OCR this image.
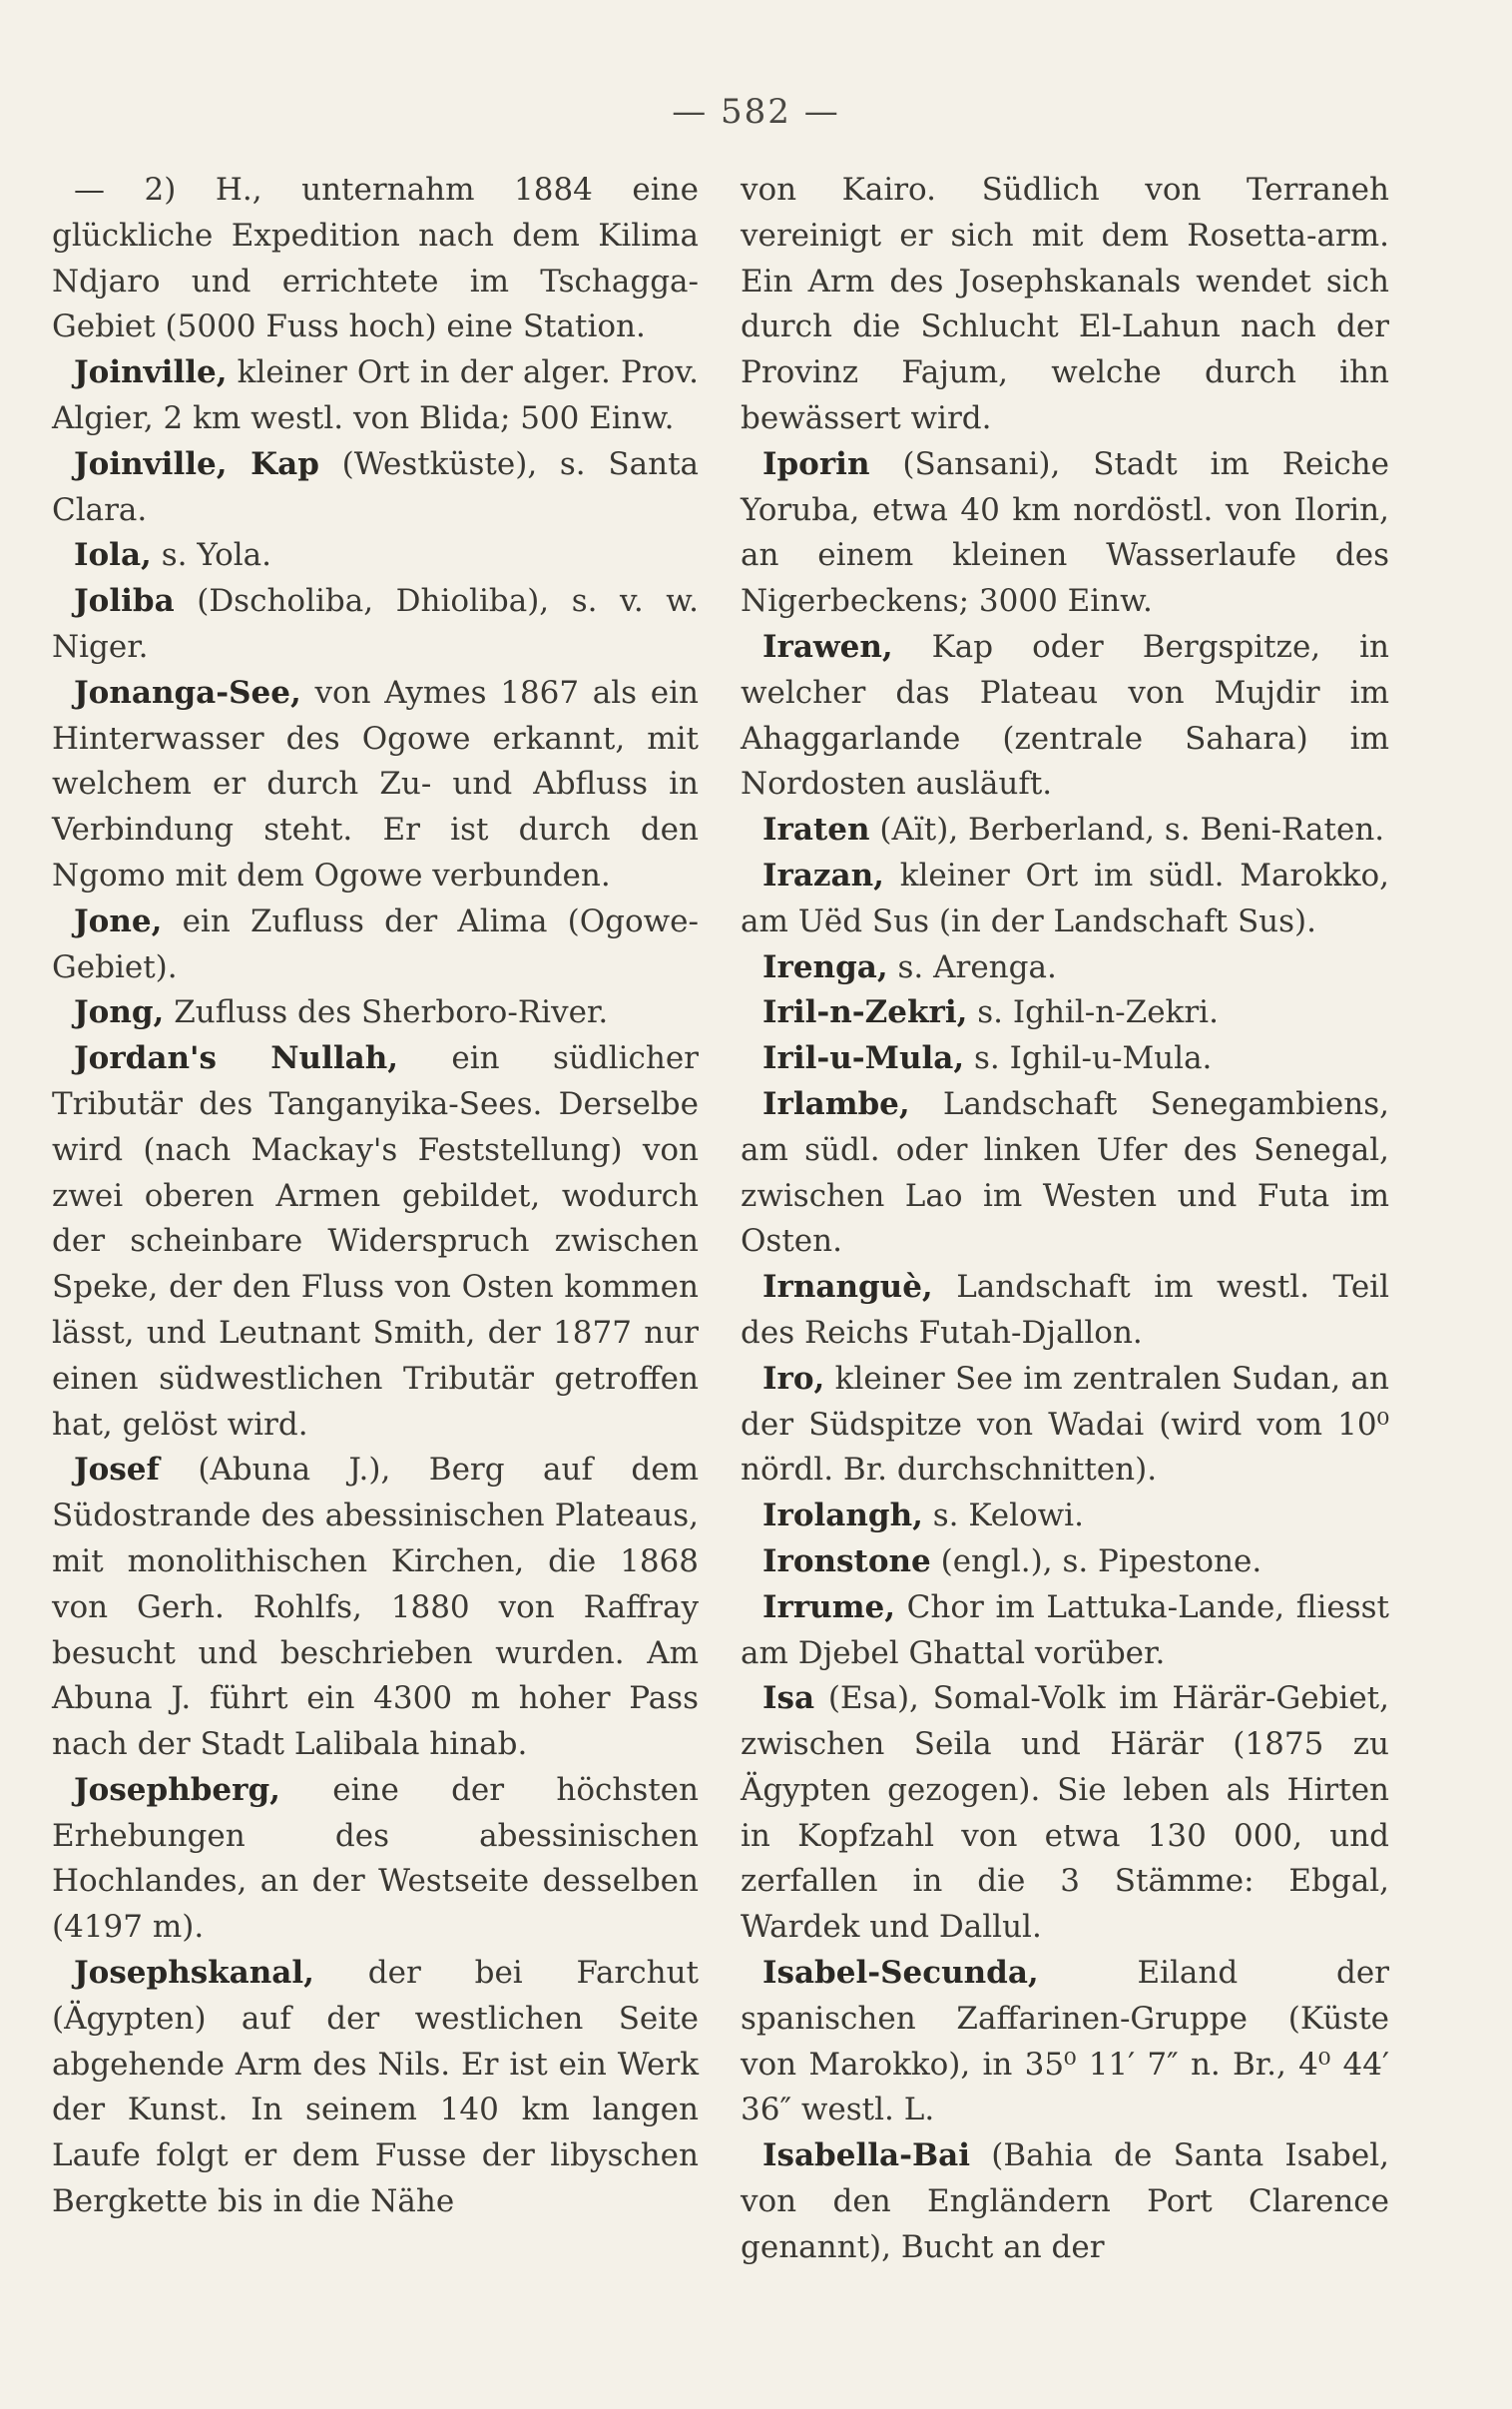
— 582 —

— 2) H., unternahm 1884 eine glückliche Expedition nach dem Kilima Ndjaro und errichtete im Tschagga-Gebiet (5000 Fuss hoch) eine Station.

Joinville, kleiner Ort in der alger. Prov. Algier, 2 km westl. von Blida; 500 Einw.

Joinville, Kap (Westküste), s. Santa Clara.

Iola, s. Yola.

Joliba (Dscholiba, Dhioliba), s. v. w. Niger.

Jonanga-See, von Aymes 1867 als ein Hinterwasser des Ogowe erkannt, mit welchem er durch Zu- und Abfluss in Verbindung steht. Er ist durch den Ngomo mit dem Ogowe verbunden.

Jone, ein Zufluss der Alima (Ogowe-Gebiet).

Jong, Zufluss des Sherboro-River.

Jordan's Nullah, ein südlicher Tributär des Tanganyika-Sees. Derselbe wird (nach Mackay's Feststellung) von zwei oberen Armen gebildet, wodurch der scheinbare Widerspruch zwischen Speke, der den Fluss von Osten kommen lässt, und Leutnant Smith, der 1877 nur einen südwestlichen Tributär getroffen hat, gelöst wird.

Josef (Abuna J.), Berg auf dem Südostrande des abessinischen Plateaus, mit monolithischen Kirchen, die 1868 von Gerh. Rohlfs, 1880 von Raffray besucht und beschrieben wurden. Am Abuna J. führt ein 4300 m hoher Pass nach der Stadt Lalibala hinab.

Josephberg, eine der höchsten Erhebungen des abessinischen Hochlandes, an der Westseite desselben (4197 m).

Josephskanal, der bei Farchut (Ägypten) auf der westlichen Seite abgehende Arm des Nils. Er ist ein Werk der Kunst. In seinem 140 km langen Laufe folgt er dem Fusse der libyschen Bergkette bis in die Nähe

von Kairo. Südlich von Terraneh vereinigt er sich mit dem Rosetta-arm. Ein Arm des Josephskanals wendet sich durch die Schlucht El-Lahun nach der Provinz Fajum, welche durch ihn bewässert wird.

Iporin (Sansani), Stadt im Reiche Yoruba, etwa 40 km nordöstl. von Ilorin, an einem kleinen Wasserlaufe des Nigerbeckens; 3000 Einw.

Irawen, Kap oder Bergspitze, in welcher das Plateau von Mujdir im Ahaggarlande (zentrale Sahara) im Nordosten ausläuft.

Iraten (Aït), Berberland, s. Beni-Raten.

Irazan, kleiner Ort im südl. Marokko, am Uëd Sus (in der Landschaft Sus).

Irenga, s. Arenga.

Iril-n-Zekri, s. Ighil-n-Zekri.

Iril-u-Mula, s. Ighil-u-Mula.

Irlambe, Landschaft Senegambiens, am südl. oder linken Ufer des Senegal, zwischen Lao im Westen und Futa im Osten.

Irnanguè, Landschaft im westl. Teil des Reichs Futah-Djallon.

Iro, kleiner See im zentralen Sudan, an der Südspitze von Wadai (wird vom 10⁰ nördl. Br. durchschnitten).

Irolangh, s. Kelowi.

Ironstone (engl.), s. Pipestone.

Irrume, Chor im Lattuka-Lande, fliesst am Djebel Ghattal vorüber.

Isa (Esa), Somal-Volk im Härär-Gebiet, zwischen Seila und Härär (1875 zu Ägypten gezogen). Sie leben als Hirten in Kopfzahl von etwa 130 000, und zerfallen in die 3 Stämme: Ebgal, Wardek und Dallul.

Isabel-Secunda, Eiland der spanischen Zaffarinen-Gruppe (Küste von Marokko), in 35⁰ 11′ 7″ n. Br., 4⁰ 44′ 36″ westl. L.

Isabella-Bai (Bahia de Santa Isabel, von den Engländern Port Clarence genannt), Bucht an der
